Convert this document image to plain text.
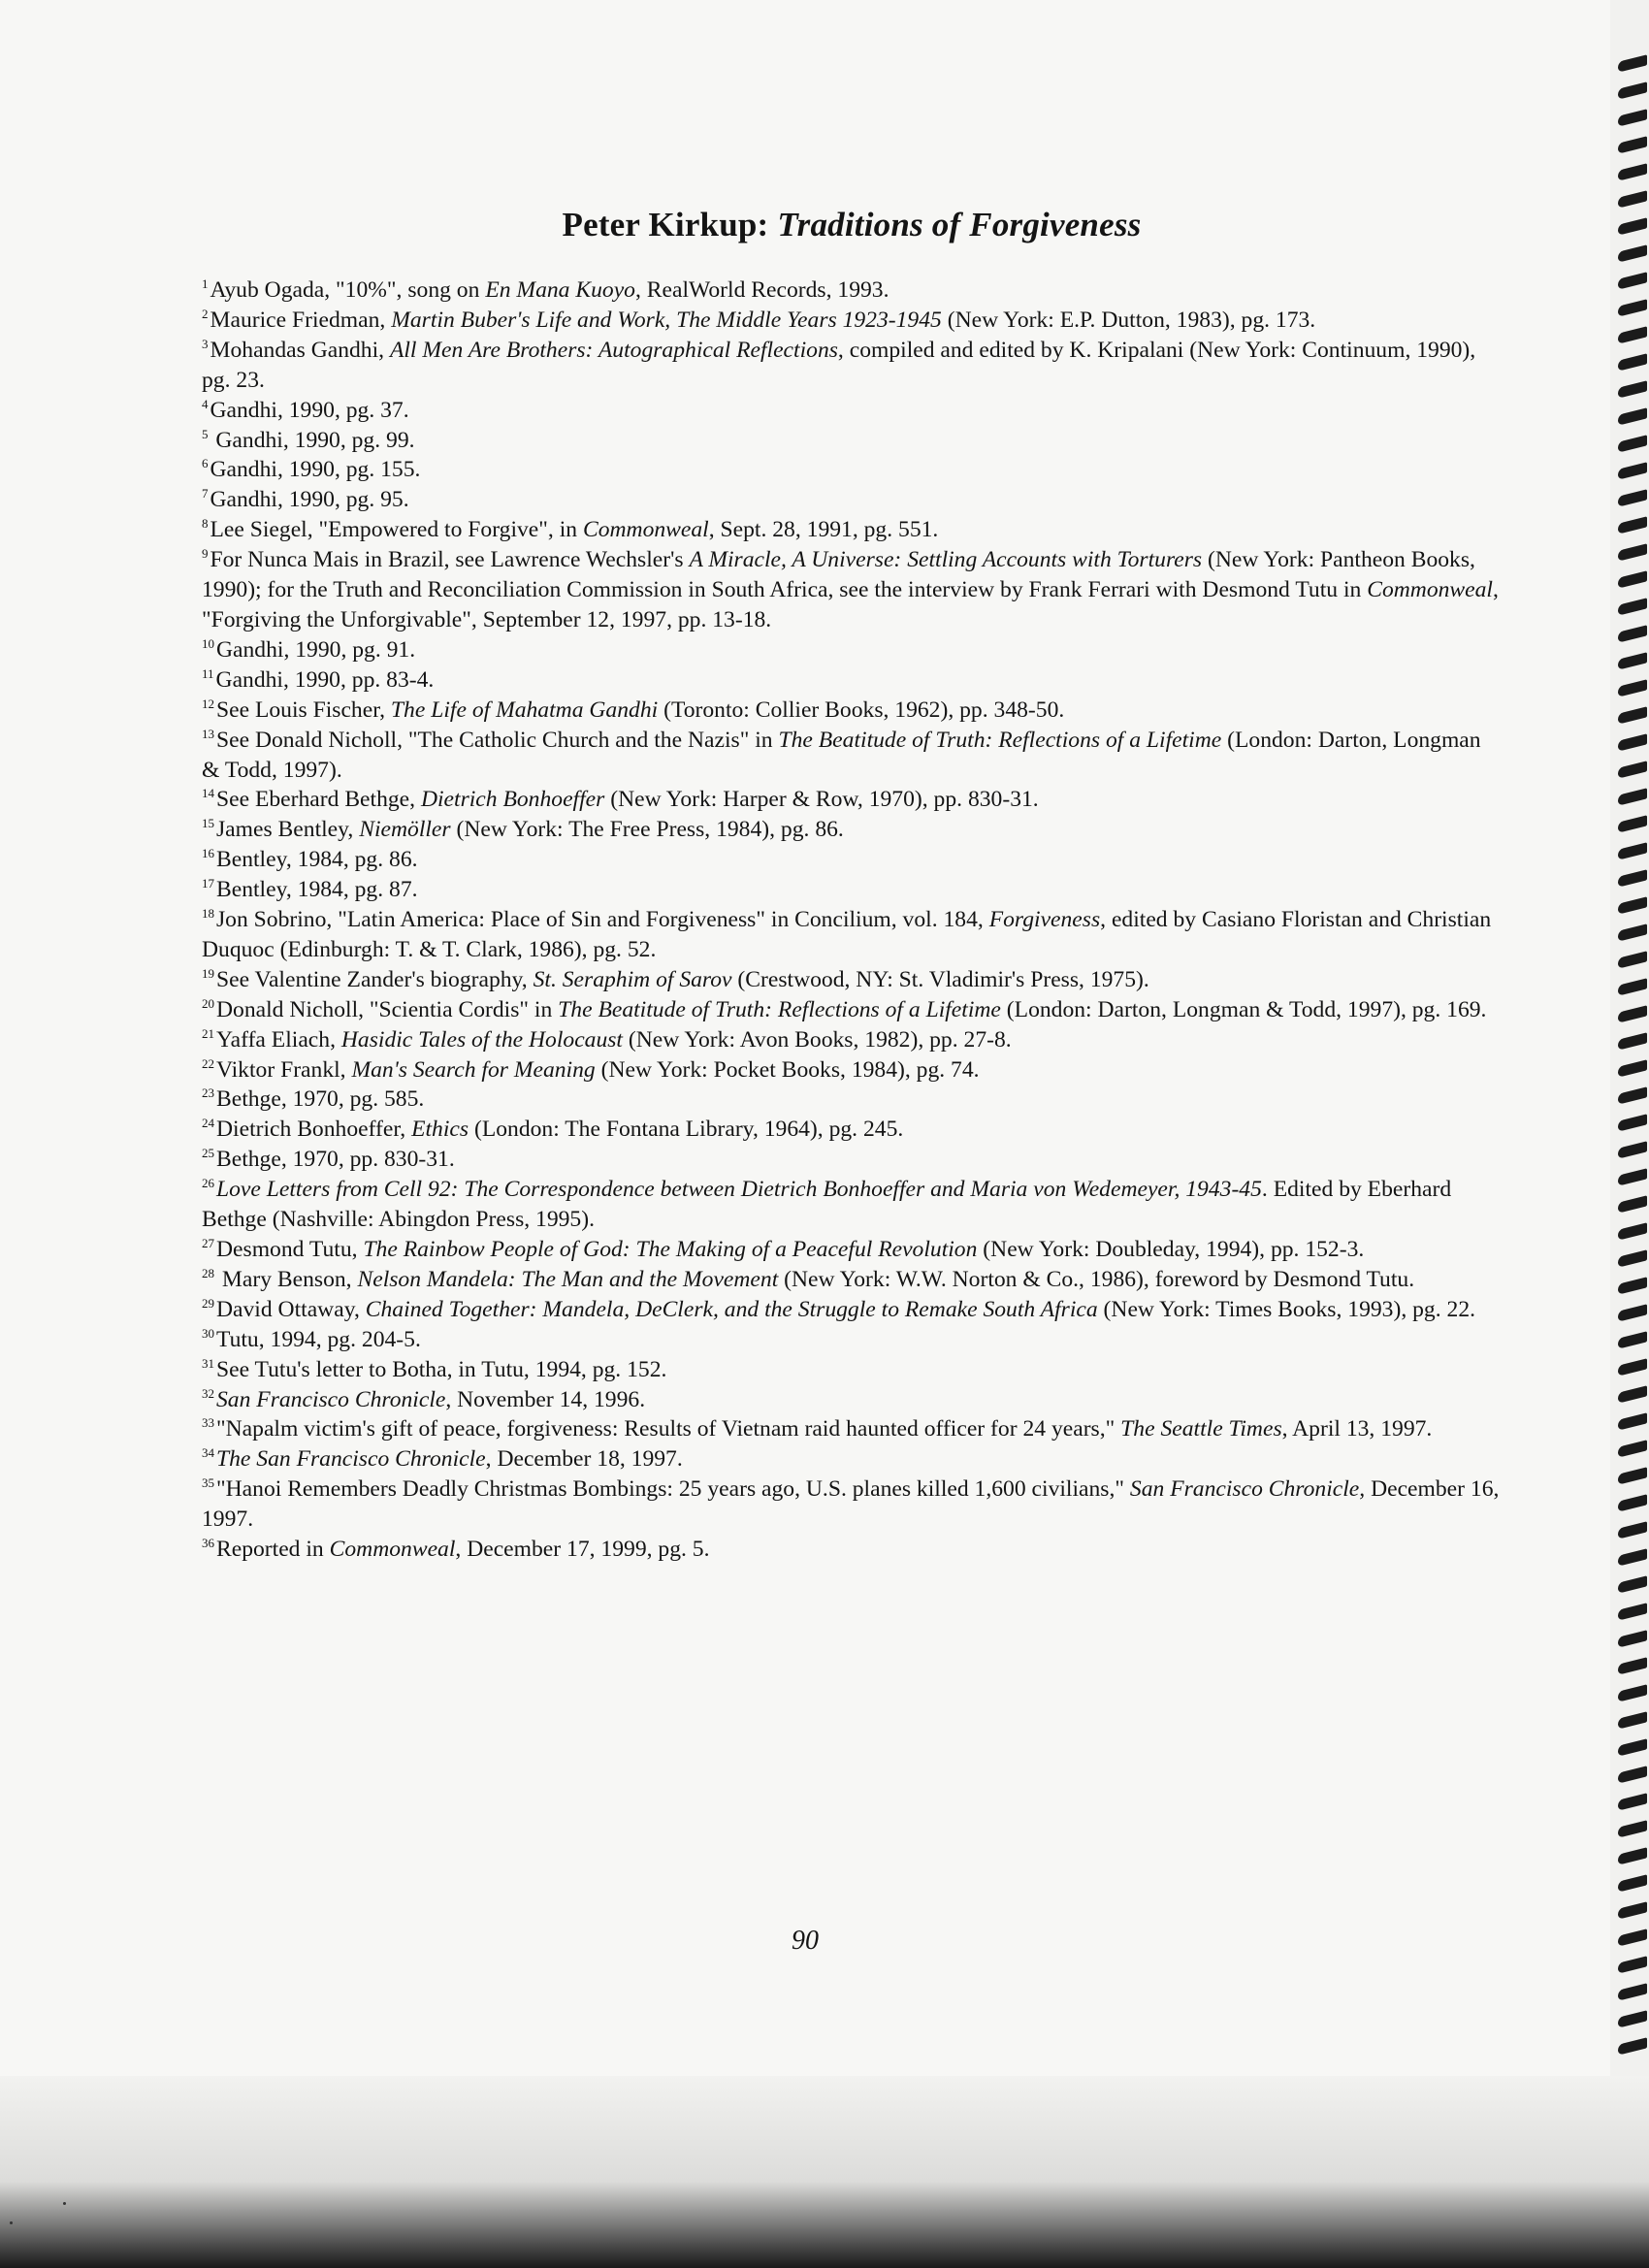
Peter Kirkup: Traditions of Forgiveness

$^1$Ayub Ogada, "10%", song on En Mana Kuoyo, RealWorld Records, 1993.

$^2$Maurice Friedman, Martin Buber's Life and Work, The Middle Years 1923-1945 (New York: E.P. Dutton, 1983), pg. 173.

$^3$Mohandas Gandhi, All Men Are Brothers: Autographical Reflections, compiled and edited by K. Kripalani (New York: Continuum, 1990), pg. 23.

$^4$Gandhi, 1990, pg. 37.

$^5$ Gandhi, 1990, pg. 99.

$^6$Gandhi, 1990, pg. 155.

$^7$Gandhi, 1990, pg. 95.

$^8$Lee Siegel, "Empowered to Forgive", in Commonweal, Sept. 28, 1991, pg. 551.

$^9$For Nunca Mais in Brazil, see Lawrence Wechsler's A Miracle, A Universe: Settling Accounts with Torturers (New York: Pantheon Books, 1990); for the Truth and Reconciliation Commission in South Africa, see the interview by Frank Ferrari with Desmond Tutu in Commonweal, "Forgiving the Unforgivable", September 12, 1997, pp. 13-18.

$^{10}$Gandhi, 1990, pg. 91.

$^{11}$Gandhi, 1990, pp. 83-4.

$^{12}$See Louis Fischer, The Life of Mahatma Gandhi (Toronto: Collier Books, 1962), pp. 348-50.

$^{13}$See Donald Nicholl, "The Catholic Church and the Nazis" in The Beatitude of Truth: Reflections of a Lifetime (London: Darton, Longman & Todd, 1997).

$^{14}$See Eberhard Bethge, Dietrich Bonhoeffer (New York: Harper & Row, 1970), pp. 830-31.

$^{15}$James Bentley, Niemöller (New York: The Free Press, 1984), pg. 86.

$^{16}$Bentley, 1984, pg. 86.

$^{17}$Bentley, 1984, pg. 87.

$^{18}$Jon Sobrino, "Latin America: Place of Sin and Forgiveness" in Concilium, vol. 184, Forgiveness, edited by Casiano Floristan and Christian Duquoc (Edinburgh: T. & T. Clark, 1986), pg. 52.

$^{19}$See Valentine Zander's biography, St. Seraphim of Sarov (Crestwood, NY: St. Vladimir's Press, 1975).

$^{20}$Donald Nicholl, "Scientia Cordis" in The Beatitude of Truth: Reflections of a Lifetime (London: Darton, Longman & Todd, 1997), pg. 169.

$^{21}$Yaffa Eliach, Hasidic Tales of the Holocaust (New York: Avon Books, 1982), pp. 27-8.

$^{22}$Viktor Frankl, Man's Search for Meaning (New York: Pocket Books, 1984), pg. 74.

$^{23}$Bethge, 1970, pg. 585.

$^{24}$Dietrich Bonhoeffer, Ethics (London: The Fontana Library, 1964), pg. 245.

$^{25}$Bethge, 1970, pp. 830-31.

$^{26}$Love Letters from Cell 92: The Correspondence between Dietrich Bonhoeffer and Maria von Wedemeyer, 1943-45. Edited by Eberhard Bethge (Nashville: Abingdon Press, 1995).

$^{27}$Desmond Tutu, The Rainbow People of God: The Making of a Peaceful Revolution (New York: Doubleday, 1994), pp. 152-3.

$^{28}$ Mary Benson, Nelson Mandela: The Man and the Movement (New York: W.W. Norton & Co., 1986), foreword by Desmond Tutu.

$^{29}$David Ottaway, Chained Together: Mandela, DeClerk, and the Struggle to Remake South Africa (New York: Times Books, 1993), pg. 22.

$^{30}$Tutu, 1994, pg. 204-5.

$^{31}$See Tutu's letter to Botha, in Tutu, 1994, pg. 152.

$^{32}$San Francisco Chronicle, November 14, 1996.

$^{33}$"Napalm victim's gift of peace, forgiveness: Results of Vietnam raid haunted officer for 24 years," The Seattle Times, April 13, 1997.

$^{34}$The San Francisco Chronicle, December 18, 1997.

$^{35}$"Hanoi Remembers Deadly Christmas Bombings: 25 years ago, U.S. planes killed 1,600 civilians," San Francisco Chronicle, December 16, 1997.

$^{36}$Reported in Commonweal, December 17, 1999, pg. 5.

90
